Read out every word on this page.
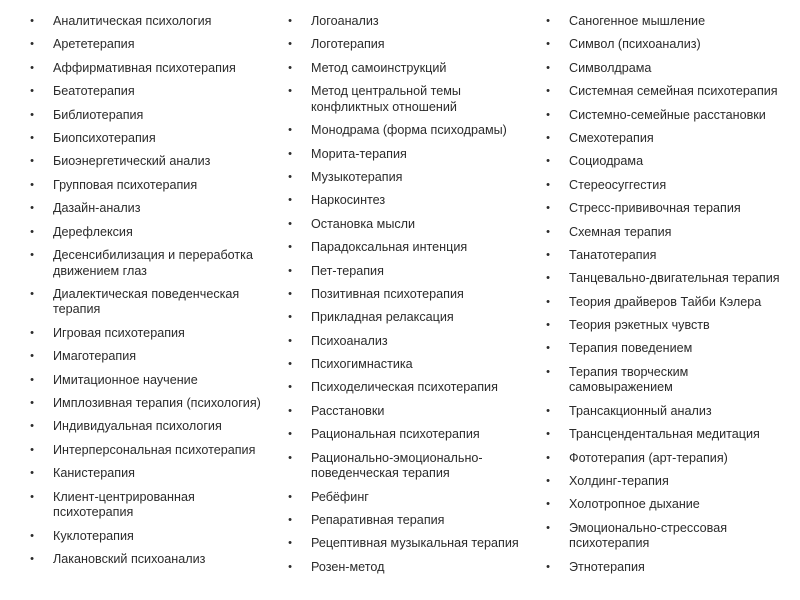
• Аналитическая психология
• Арететерапия
• Аффирмативная психотерапия
• Беатотерапия
• Библиотерапия
• Биопсихотерапия
• Биоэнергетический анализ
• Групповая психотерапия
• Дазайн-анализ
• Дерефлексия
• Десенсибилизация и переработка движением глаз
• Диалектическая поведенческая терапия
• Игровая психотерапия
• Имаготерапия
• Имитационное научение
• Имплозивная терапия (психология)
• Индивидуальная психология
• Интерперсональная психотерапия
• Канистерапия
• Клиент-центрированная психотерапия
• Куклотерапия
• Лакановский психоанализ
• Логоанализ
• Логотерапия
• Метод самоинструкций
• Метод центральной темы конфликтных отношений
• Монодрама (форма психодрамы)
• Морита-терапия
• Музыкотерапия
• Наркосинтез
• Остановка мысли
• Парадоксальная интенция
• Пет-терапия
• Позитивная психотерапия
• Прикладная релаксация
• Психоанализ
• Психогимнастика
• Психоделическая психотерапия
• Расстановки
• Рациональная психотерапия
• Рационально-эмоционально-поведенческая терапия
• Ребёфинг
• Репаративная терапия
• Рецептивная музыкальная терапия
• Розен-метод
• Саногенное мышление
• Символ (психоанализ)
• Символдрама
• Системная семейная психотерапия
• Системно-семейные расстановки
• Смехотерапия
• Социодрама
• Стереосуггестия
• Стресс-прививочная терапия
• Схемная терапия
• Танатотерапия
• Танцевально-двигательная терапия
• Теория драйверов Тайби Кэлера
• Теория рэкетных чувств
• Терапия поведением
• Терапия творческим самовыражением
• Трансакционный анализ
• Трансцендентальная медитация
• Фототерапия (арт-терапия)
• Холдинг-терапия
• Холотропное дыхание
• Эмоционально-стрессовая психотерапия
• Этнотерапия
